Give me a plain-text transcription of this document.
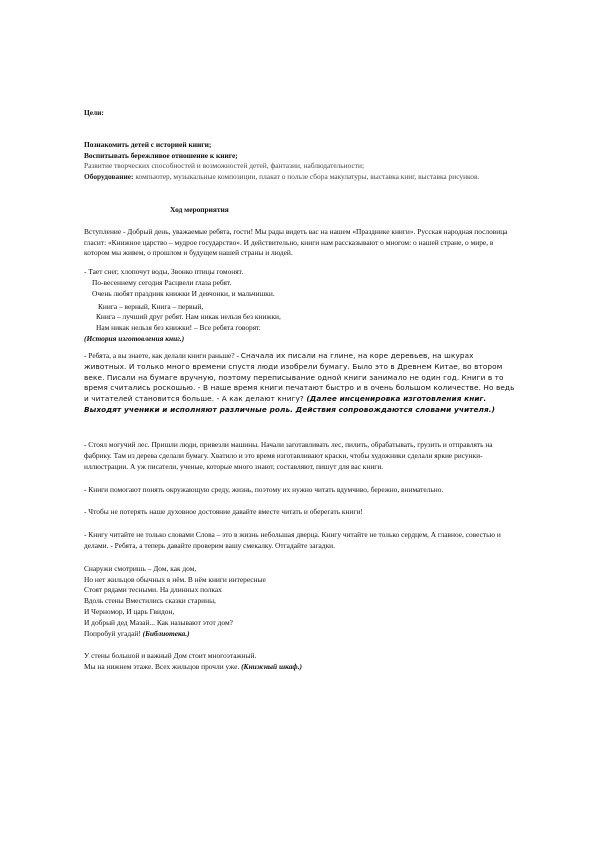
Цели:

Познакомить детей с историей книги;

Воспитывать бережливое отношение к книге;

Развитие творческих способностей и возможностей детей, фантазии, наблюдательности;

Оборудование: компьютер, музыкальные композиции, плакат о пользе сбора макулатуры, выставка книг, выставка рисунков.

Ход мероприятия

Вступление - Добрый день, уважаемые ребята, гости! Мы рады видеть вас на нашем «Празднике книги». Русская народная пословица гласит: «Книжное царство – мудрое государство». И действительно, книги нам рассказывают о многом: о нашей стране, о мире, в котором мы живем, о прошлом и будущем нашей страны и людей.

- Тает снег, хлопочут воды, Звонко птицы гомонят.

По-весеннему сегодня Расцвели глаза ребят.

Очень любят праздник книжки И девчонки, и мальчишки.

Книга – верный, Книга – первый,

Книга – лучший друг ребят. Нам никак нельзя без книжки,

Нам никак нельзя без книжки! – Все ребята говорят.

(История изготовления книг.)

- Ребята, а вы знаете, как делали книги раньше? - Сначала их писали на глине, на коре деревьев, на шкурах животных. И только много времени спустя люди изобрели бумагу. Было это в Древнем Китае, во втором веке. Писали на бумаге вручную, поэтому переписывание одной книги занимало не один год. Книги в то время считались роскошью. - В наше время книги печатают быстро и в очень большом количестве. Но ведь и читателей становится больше. - А как делают книгу? (Далее инсценировка изготовления книг. Выходят ученики и исполняют различные роль. Действия сопровождаются словами учителя.)

- Стоял могучий лес. Пришли люди, привезли машины. Начали заготавливать лес, пилить, обрабатывать, грузить и отправлять на фабрику. Там из дерева сделали бумагу. Хватило и это время изготавливают краски, чтобы художники сделали яркие рисунки-иллюстрации. А уж писатели, ученые, которые много знают, составляют, пишут для вас книги.

- Книги помогают понять окружающую среду, жизнь, поэтому их нужно читать вдумчиво, бережно, внимательно.

- Чтобы не потерять наше духовное достояние давайте вместе читать и оберегать книги!

- Книгу читайте не только словами Слова – это в жизнь небольшая дверца. Книгу читайте не только сердцем, А главное, совестью и делами. - Ребята, а теперь давайте проверим вашу смекалку. Отгадайте загадки.

Снаружи смотришь – Дом, как дом,

Но нет жильцов обычных в нём. В нём книги интересные

Стоят рядами тесными. На длинных полках

Вдоль стены Вместились сказки старины,

И Черномор, И царь Гвидон,

И добрый дед Мазай... Как называют этот дом?

Попробуй угадай! (Библиотека.)

У стены большой и важный Дом стоит многоэтажный.

Мы на нижнем этаже. Всех жильцов прочли уже. (Книжный шкаф.)
